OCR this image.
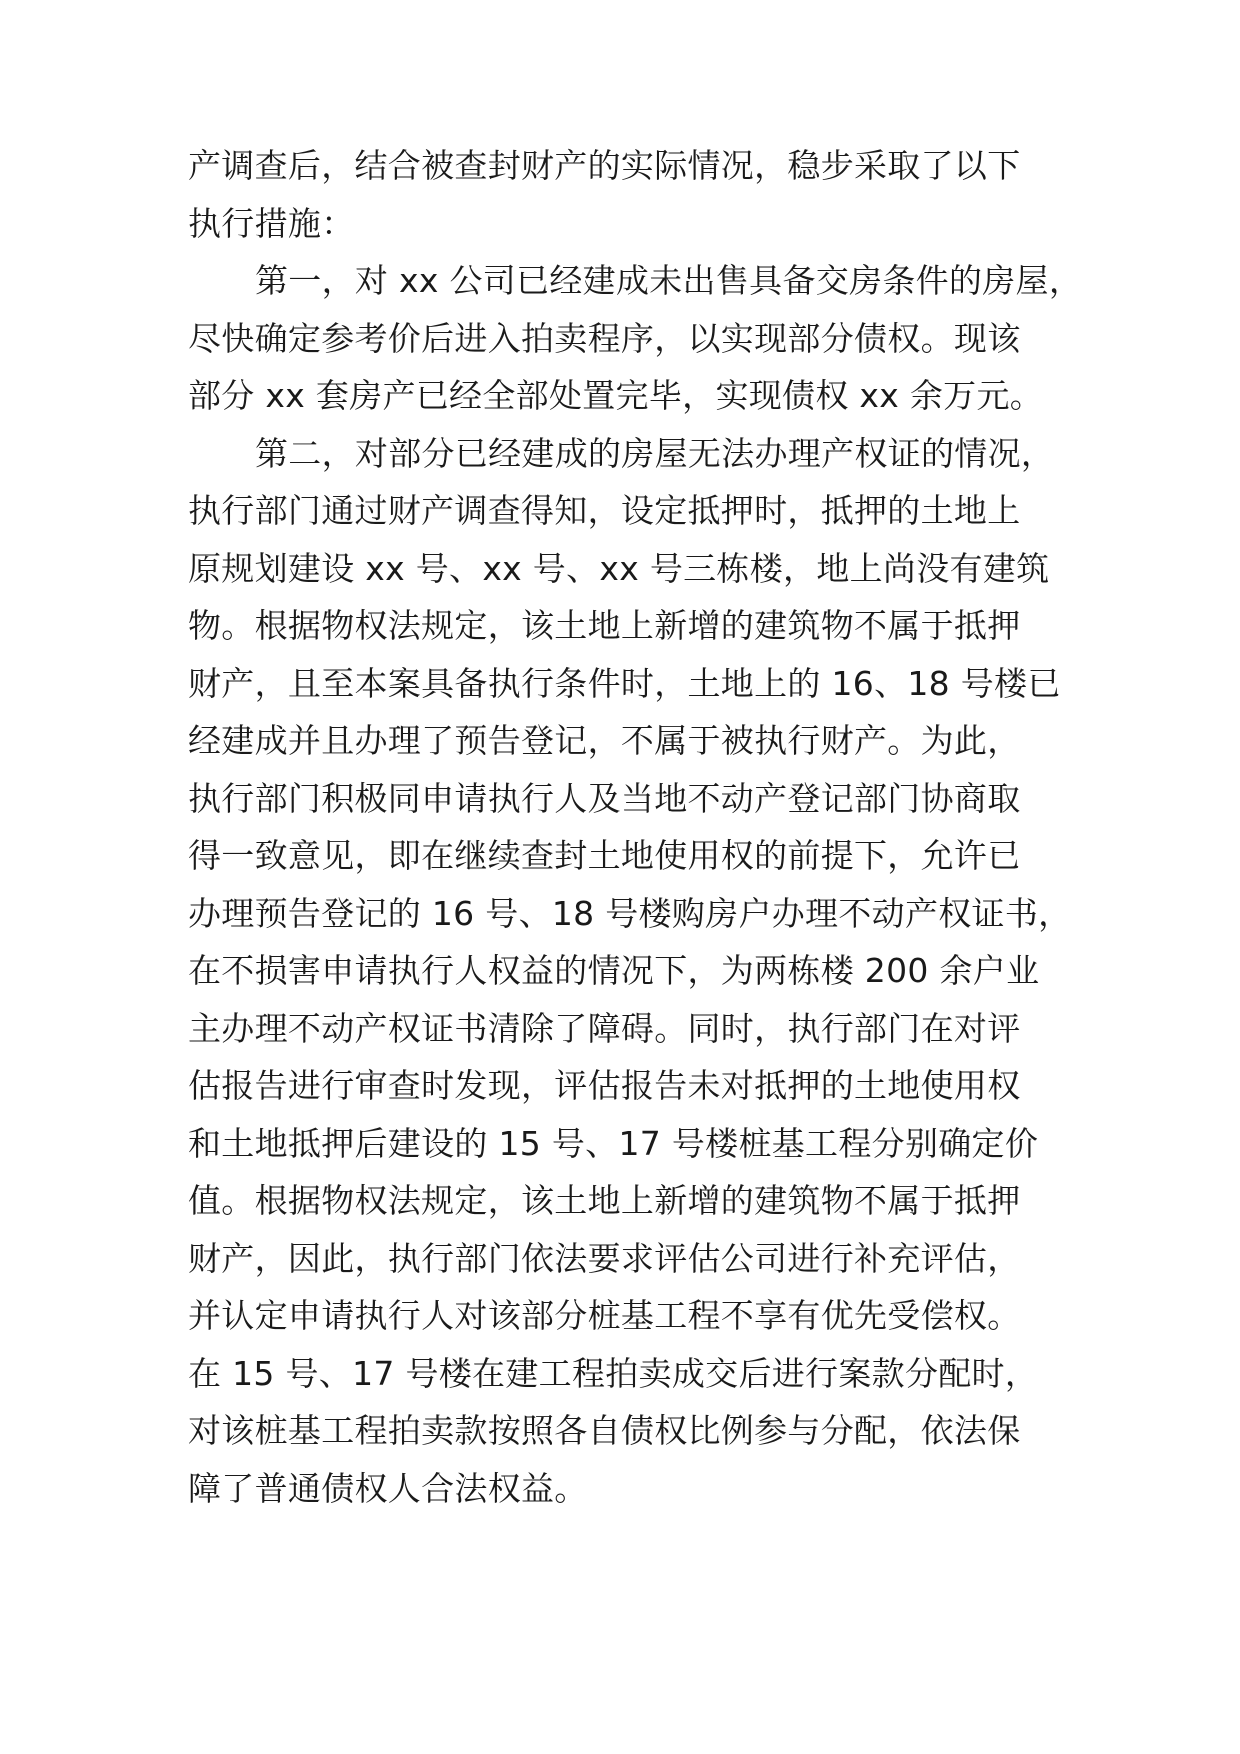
产调查后，结合被查封财产的实际情况，稳步采取了以下
执行措施：
第一，对 xx 公司已经建成未出售具备交房条件的房屋，
尽快确定参考价后进入拍卖程序，以实现部分债权。现该
部分 xx 套房产已经全部处置完毕，实现债权 xx 余万元。
第二，对部分已经建成的房屋无法办理产权证的情况，
执行部门通过财产调查得知，设定抵押时，抵押的土地上
原规划建设 xx 号、xx 号、xx 号三栋楼，地上尚没有建筑
物。根据物权法规定，该土地上新增的建筑物不属于抵押
财产，且至本案具备执行条件时，土地上的 16、18 号楼已
经建成并且办理了预告登记，不属于被执行财产。为此，
执行部门积极同申请执行人及当地不动产登记部门协商取
得一致意见，即在继续查封土地使用权的前提下，允许已
办理预告登记的 16 号、18 号楼购房户办理不动产权证书，
在不损害申请执行人权益的情况下，为两栋楼 200 余户业
主办理不动产权证书清除了障碍。同时，执行部门在对评
估报告进行审查时发现，评估报告未对抵押的土地使用权
和土地抵押后建设的 15 号、17 号楼桩基工程分别确定价
值。根据物权法规定，该土地上新增的建筑物不属于抵押
财产，因此，执行部门依法要求评估公司进行补充评估，
并认定申请执行人对该部分桩基工程不享有优先受偿权。
在 15 号、17 号楼在建工程拍卖成交后进行案款分配时，
对该桩基工程拍卖款按照各自债权比例参与分配，依法保
障了普通债权人合法权益。
